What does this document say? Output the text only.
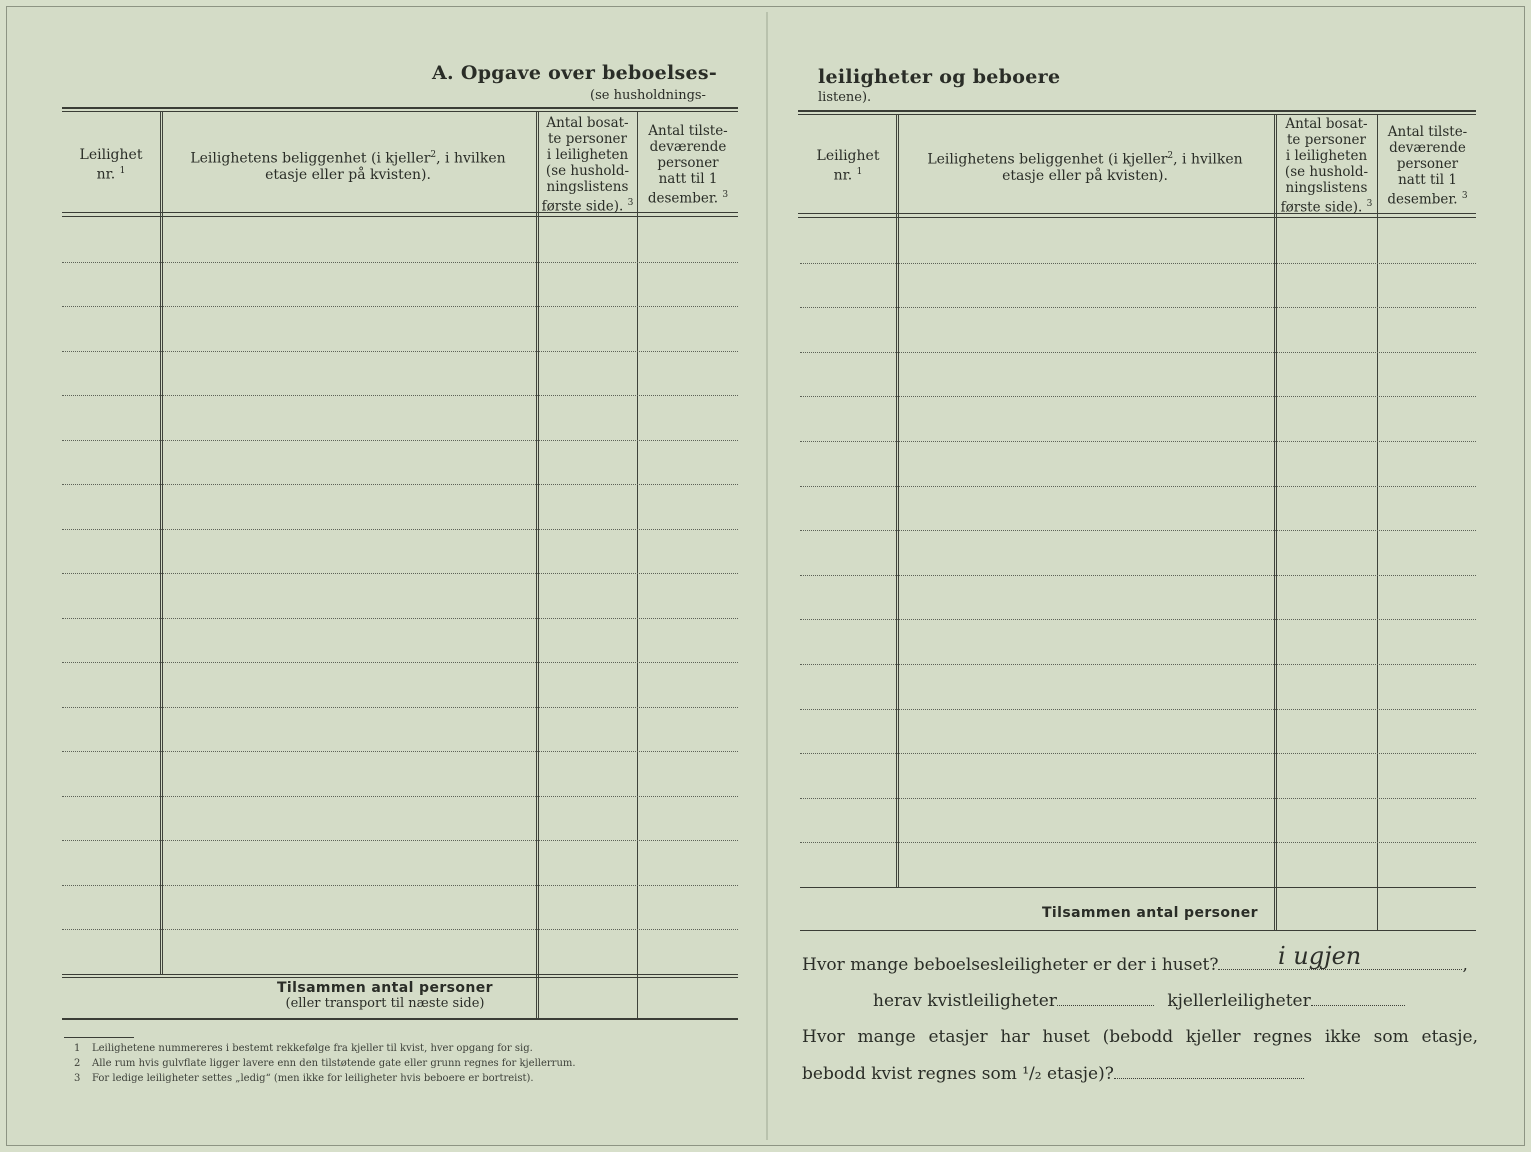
A. Opgave over beboelses-
(se husholdnings-
Leilighet
nr. $^1$
Leilighetens beliggenhet (i kjeller$^2$, i hvilken
etasje eller på kvisten).
Antal bosat-
te personer
i leiligheten
(se hushold-
ningslistens
første side). $^3$
Antal tilste-
deværende
personer
natt til 1
desember. $^3$
Tilsammen antal personer
(eller transport til næste side)
1 Leilighetene nummereres i bestemt rekkefølge fra kjeller til kvist, hver opgang for sig.
2 Alle rum hvis gulvflate ligger lavere enn den tilstøtende gate eller grunn regnes for kjellerrum.
3 For ledige leiligheter settes „ledig“ (men ikke for leiligheter hvis beboere er bortreist).
leiligheter og beboere
listene).
Leilighet
nr. $^1$
Leilighetens beliggenhet (i kjeller$^2$, i hvilken
etasje eller på kvisten).
Antal bosat-
te personer
i leiligheten
(se hushold-
ningslistens
første side). $^3$
Antal tilste-
deværende
personer
natt til 1
desember. $^3$
Tilsammen antal personer
Hvor mange beboelsesleiligheter er der i huset?	,
i ugjen
herav kvistleiligheter	kjellerleiligheter
Hvor mange etasjer har huset (bebodd kjeller regnes ikke som etasje,
bebodd kvist regnes som ¹/₂ etasje)?
